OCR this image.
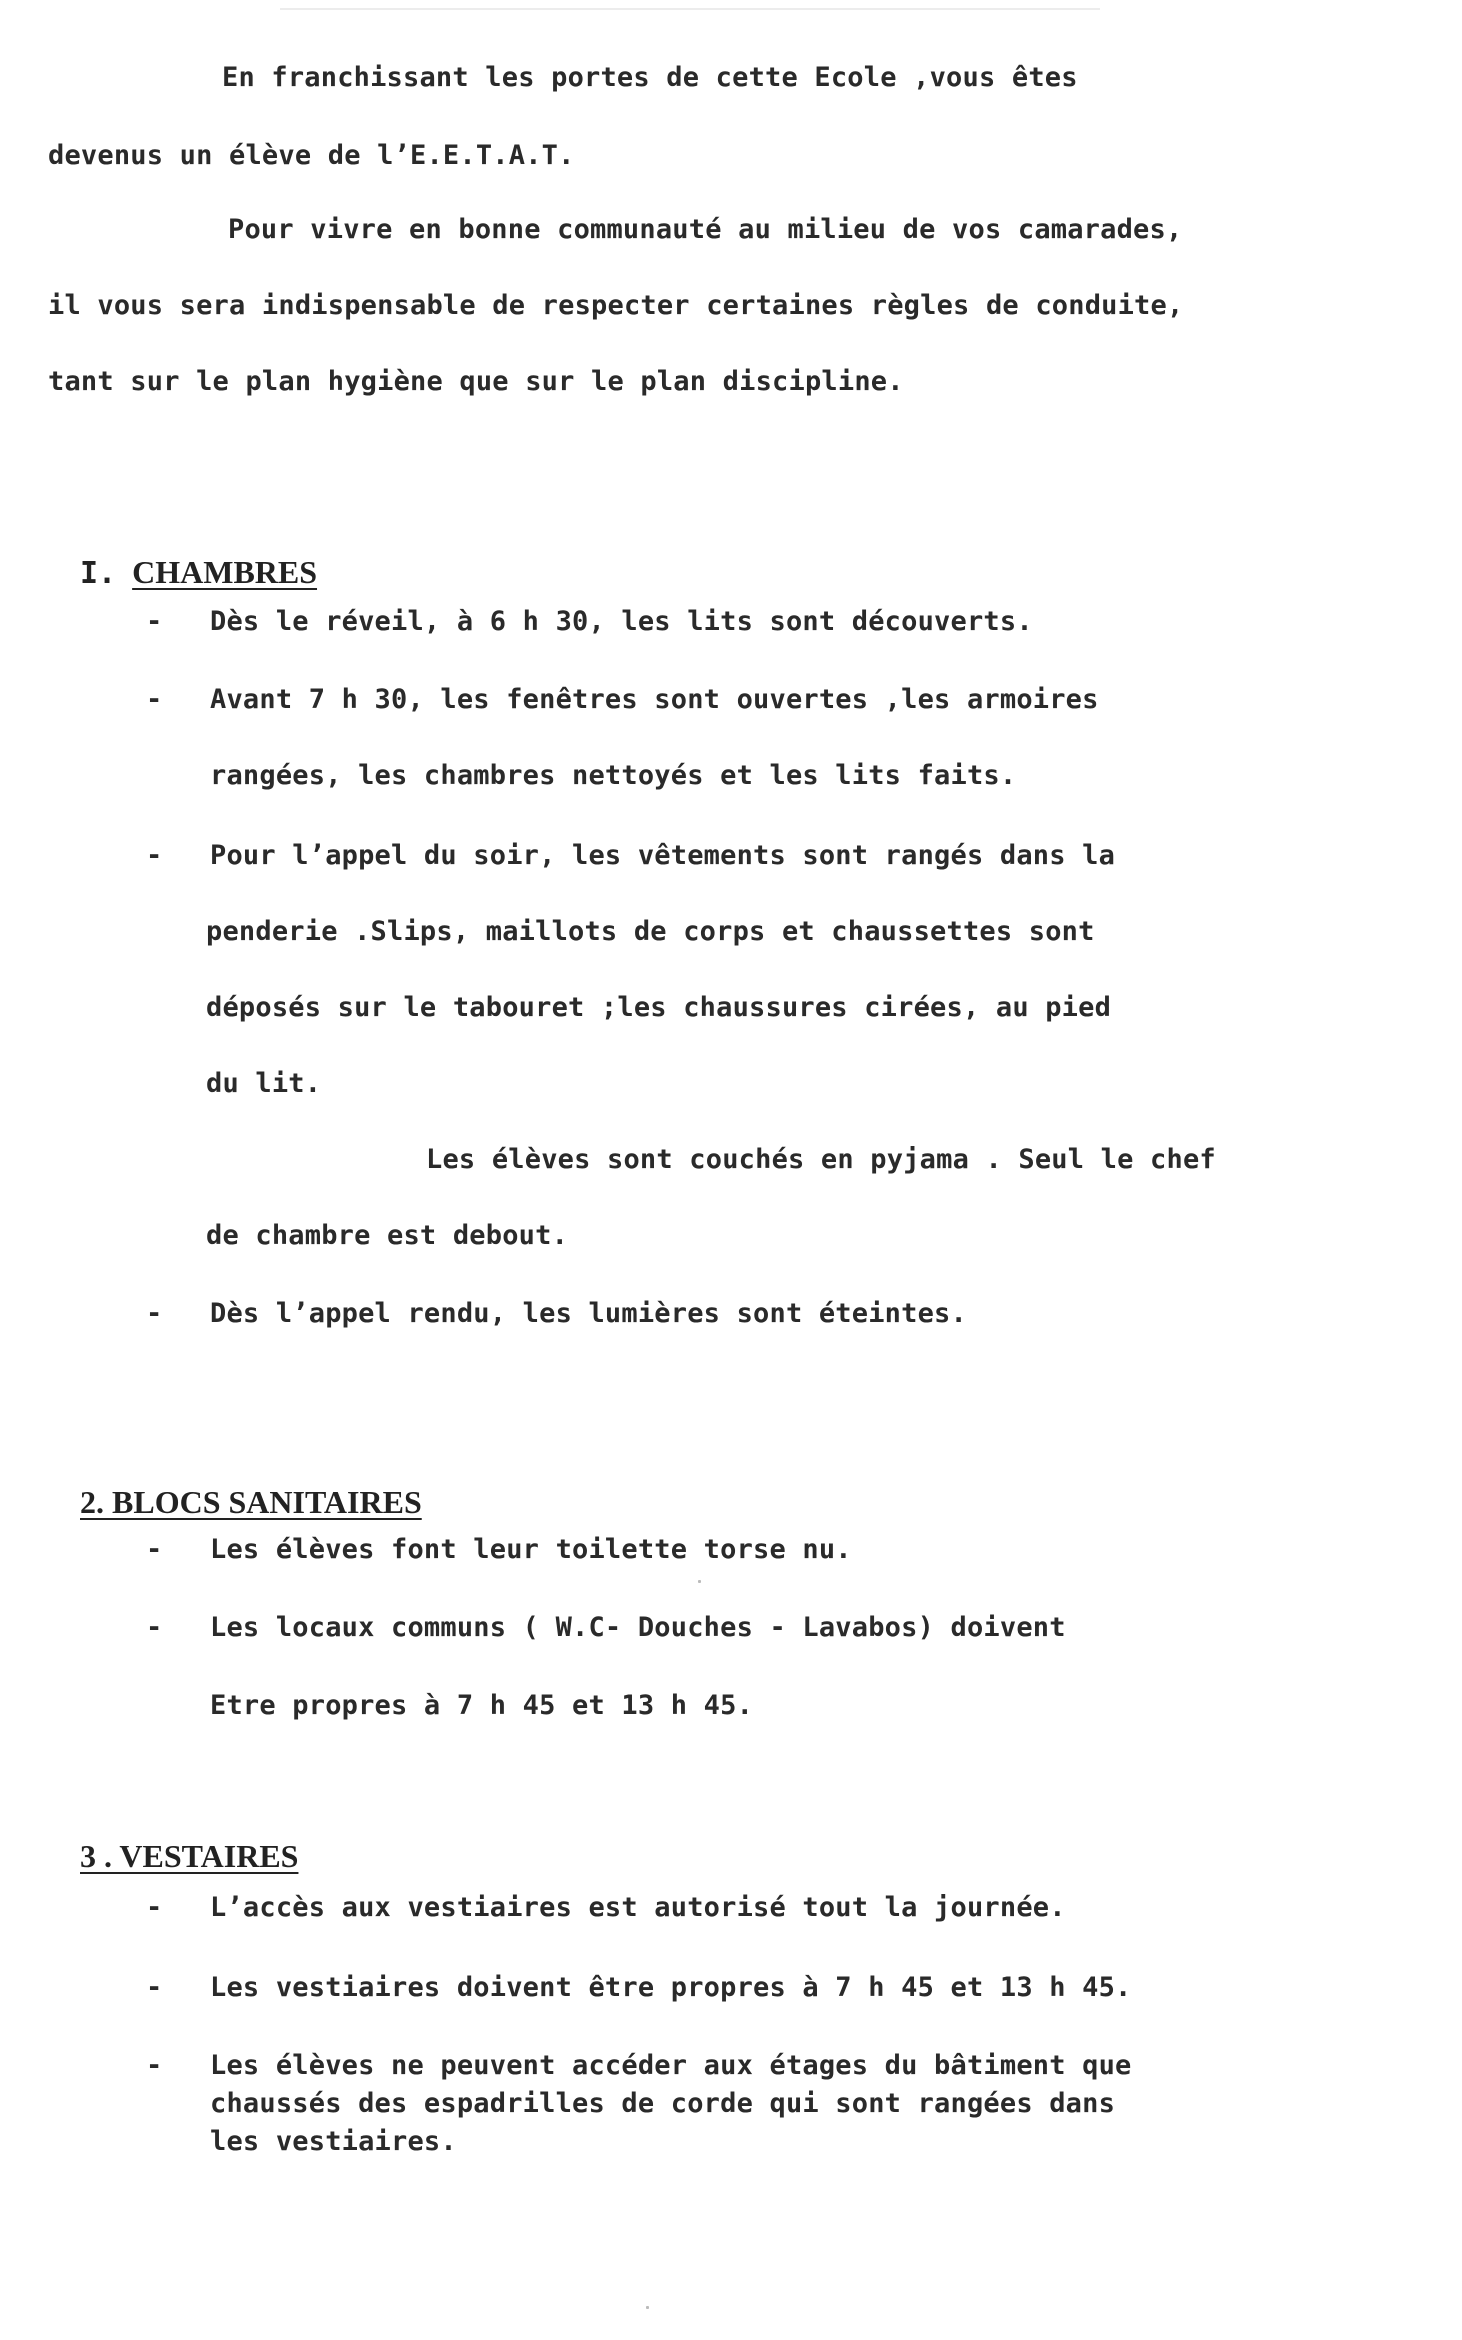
En franchissant les portes de cette Ecole ,vous êtes
devenus un élève de l’E.E.T.A.T.
Pour vivre en bonne communauté au milieu de vos camarades,
il vous sera indispensable de respecter certaines règles de conduite,
tant sur le plan hygiène que sur le plan discipline.

I. CHAMBRES

- Dès le réveil, à 6 h 30, les lits sont découverts.
- Avant 7 h 30, les fenêtres sont ouvertes ,les armoires
rangées, les chambres nettoyés et les lits faits.
- Pour l’appel du soir, les vêtements sont rangés dans la
penderie .Slips, maillots de corps et chaussettes sont
déposés sur le tabouret ;les chaussures cirées, au pied
du lit.
Les élèves sont couchés en pyjama . Seul le chef
de chambre est debout.
- Dès l’appel rendu, les lumières sont éteintes.

2. BLOCS SANITAIRES

- Les élèves font leur toilette torse nu.
- Les locaux communs ( W.C- Douches - Lavabos) doivent
Etre propres à 7 h 45 et 13 h 45.

3 . VESTAIRES

- L’accès aux vestiaires est autorisé tout la journée.
- Les vestiaires doivent être propres à 7 h 45 et 13 h 45.
- Les élèves ne peuvent accéder aux étages du bâtiment que
chaussés des espadrilles de corde qui sont rangées dans
les vestiaires.
